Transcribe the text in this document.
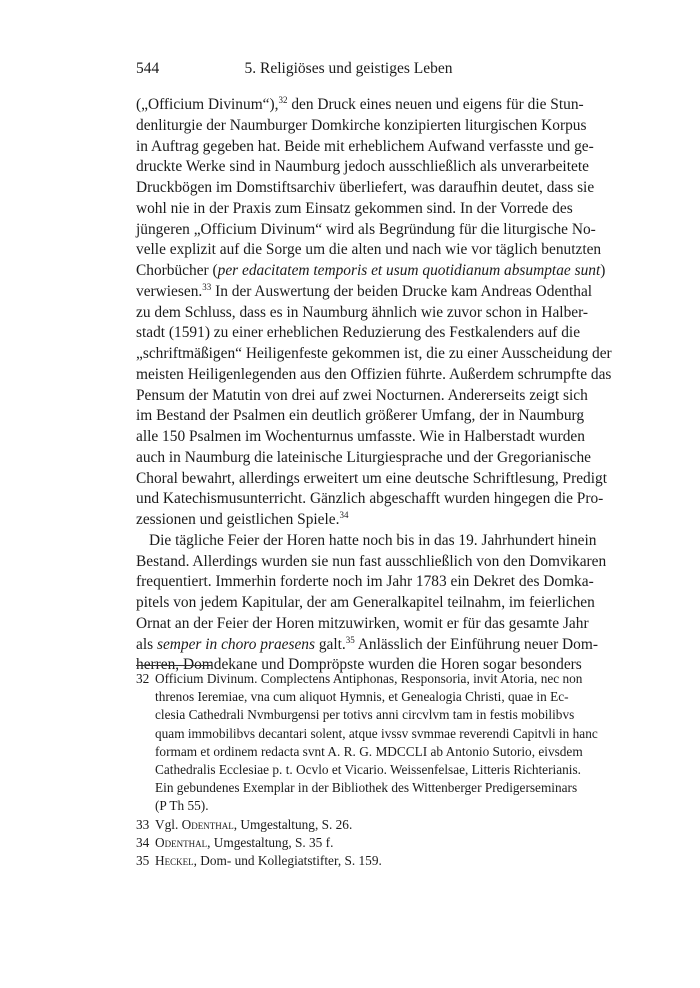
544	5. Religiöses und geistiges Leben
(„Officium Divinum“),$^{32}$ den Druck eines neuen und eigens für die Stun-
denliturgie der Naumburger Domkirche konzipierten liturgischen Korpus
in Auftrag gegeben hat. Beide mit erheblichem Aufwand verfasste und ge-
druckte Werke sind in Naumburg jedoch ausschließlich als unverarbeitete
Druckbögen im Domstiftsarchiv überliefert, was daraufhin deutet, dass sie
wohl nie in der Praxis zum Einsatz gekommen sind. In der Vorrede des
jüngeren „Officium Divinum“ wird als Begründung für die liturgische No-
velle explizit auf die Sorge um die alten und nach wie vor täglich benutzten
Chorbücher (per edacitatem temporis et usum quotidianum absumptae sunt)
verwiesen.$^{33}$ In der Auswertung der beiden Drucke kam Andreas Odenthal
zu dem Schluss, dass es in Naumburg ähnlich wie zuvor schon in Halber-
stadt (1591) zu einer erheblichen Reduzierung des Festkalenders auf die
„schriftmäßigen“ Heiligenfeste gekommen ist, die zu einer Ausscheidung der
meisten Heiligenlegenden aus den Offizien führte. Außerdem schrumpfte das
Pensum der Matutin von drei auf zwei Nocturnen. Andererseits zeigt sich
im Bestand der Psalmen ein deutlich größerer Umfang, der in Naumburg
alle 150 Psalmen im Wochenturnus umfasste. Wie in Halberstadt wurden
auch in Naumburg die lateinische Liturgiesprache und der Gregorianische
Choral bewahrt, allerdings erweitert um eine deutsche Schriftlesung, Predigt
und Katechismusunterricht. Gänzlich abgeschafft wurden hingegen die Pro-
zessionen und geistlichen Spiele.$^{34}$
Die tägliche Feier der Horen hatte noch bis in das 19. Jahrhundert hinein
Bestand. Allerdings wurden sie nun fast ausschließlich von den Domvikaren
frequentiert. Immerhin forderte noch im Jahr 1783 ein Dekret des Domka-
pitels von jedem Kapitular, der am Generalkapitel teilnahm, im feierlichen
Ornat an der Feier der Horen mitzuwirken, womit er für das gesamte Jahr
als semper in choro praesens galt.$^{35}$ Anlässlich der Einführung neuer Dom-
herren, Domdekane und Dompröpste wurden die Horen sogar besonders
32 Officium Divinum. Complectens Antiphonas, Responsoria, invit Atoria, nec non
threnos Ieremiae, vna cum aliquot Hymnis, et Genealogia Christi, quae in Ec-
clesia Cathedrali Nvmburgensi per totivs anni circvlvm tam in festis mobilibvs
quam immobilibvs decantari solent, atque ivssv svmmae reverendi Capitvli in hanc
formam et ordinem redacta svnt A. R. G. MDCCLI ab Antonio Sutorio, eivsdem
Cathedralis Ecclesiae p. t. Ocvlo et Vicario. Weissenfelsae, Litteris Richterianis.
Ein gebundenes Exemplar in der Bibliothek des Wittenberger Predigerseminars
(P Th 55).
33 Vgl. Odenthal, Umgestaltung, S. 26.
34 Odenthal, Umgestaltung, S. 35 f.
35 Heckel, Dom- und Kollegiatstifter, S. 159.
